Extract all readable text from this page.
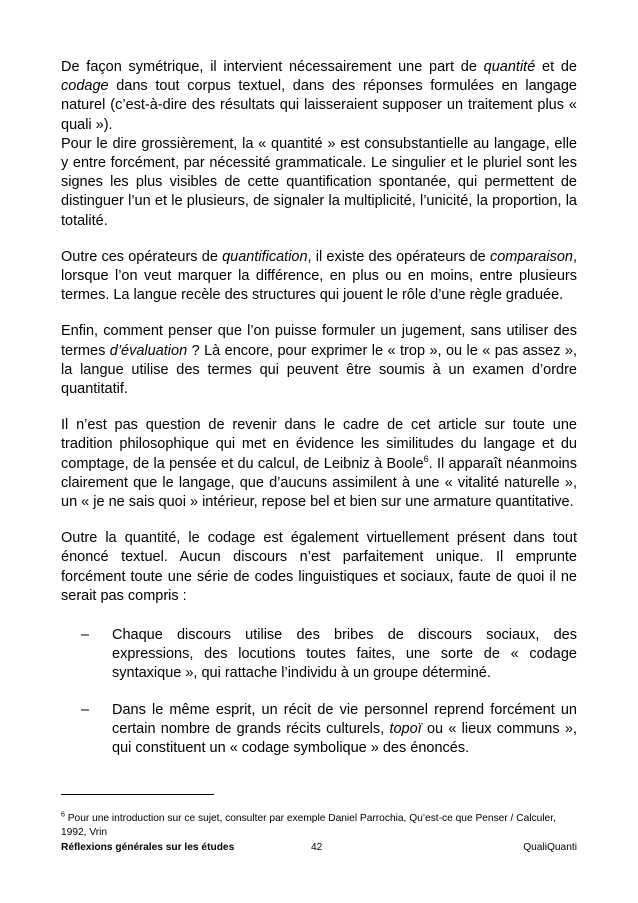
De façon symétrique, il intervient nécessairement une part de quantité et de codage dans tout corpus textuel, dans des réponses formulées en langage naturel (c’est-à-dire des résultats qui laisseraient supposer un traitement plus « quali »).

Pour le dire grossièrement, la « quantité » est consubstantielle au langage, elle y entre forcément, par nécessité grammaticale. Le singulier et le pluriel sont les signes les plus visibles de cette quantification spontanée, qui permettent de distinguer l’un et le plusieurs, de signaler la multiplicité, l’unicité, la proportion, la totalité.

Outre ces opérateurs de quantification, il existe des opérateurs de comparaison, lorsque l’on veut marquer la différence, en plus ou en moins, entre plusieurs termes. La langue recèle des structures qui jouent le rôle d’une règle graduée.

Enfin, comment penser que l’on puisse formuler un jugement, sans utiliser des termes d’évaluation ? Là encore, pour exprimer le « trop », ou le « pas assez », la langue utilise des termes qui peuvent être soumis à un examen d’ordre quantitatif.

Il n’est pas question de revenir dans le cadre de cet article sur toute une tradition philosophique qui met en évidence les similitudes du langage et du comptage, de la pensée et du calcul, de Leibniz à Boole$^6$. Il apparaît néanmoins clairement que le langage, que d’aucuns assimilent à une « vitalité naturelle », un « je ne sais quoi » intérieur, repose bel et bien sur une armature quantitative.

Outre la quantité, le codage est également virtuellement présent dans tout énoncé textuel. Aucun discours n’est parfaitement unique. Il emprunte forcément toute une série de codes linguistiques et sociaux, faute de quoi il ne serait pas compris :

– Chaque discours utilise des bribes de discours sociaux, des expressions, des locutions toutes faites, une sorte de « codage syntaxique », qui rattache l’individu à un groupe déterminé.
– Dans le même esprit, un récit de vie personnel reprend forcément un certain nombre de grands récits culturels, topoï ou « lieux communs », qui constituent un « codage symbolique » des énoncés.
$^6$ Pour une introduction sur ce sujet, consulter par exemple Daniel Parrochia, Qu’est-ce que Penser / Calculer, 1992, Vrin
Réflexions générales sur les études	42	QualiQuanti
